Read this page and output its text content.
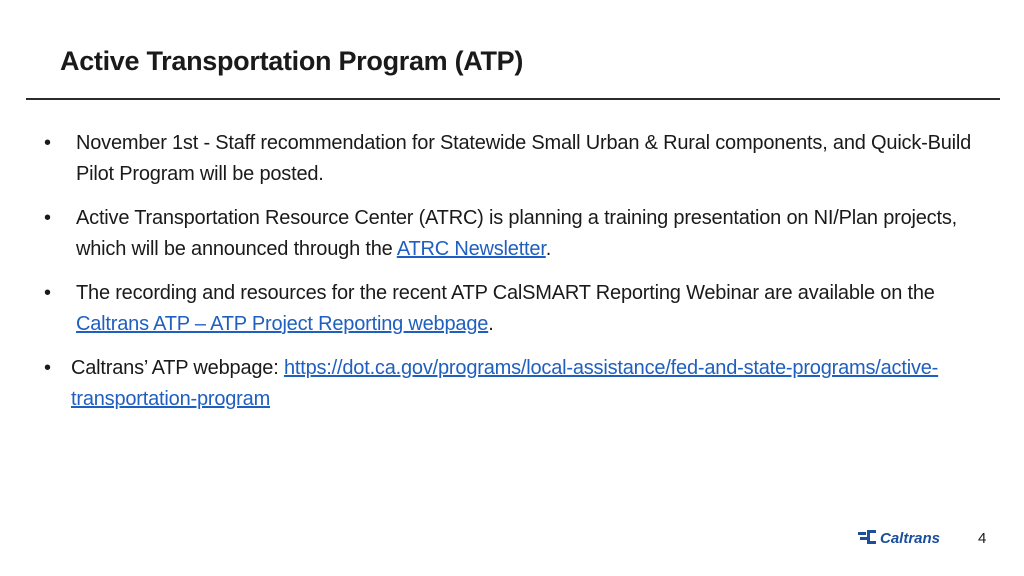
Active Transportation Program (ATP)
• November 1st - Staff recommendation for Statewide Small Urban & Rural components, and Quick-Build Pilot Program will be posted.
• Active Transportation Resource Center (ATRC) is planning a training presentation on NI/Plan projects, which will be announced through the ATRC Newsletter.
• The recording and resources for the recent ATP CalSMART Reporting Webinar are available on the Caltrans ATP – ATP Project Reporting webpage.
• Caltrans’ ATP webpage: https://dot.ca.gov/programs/local-assistance/fed-and-state-programs/active-transportation-program
Caltrans	4
